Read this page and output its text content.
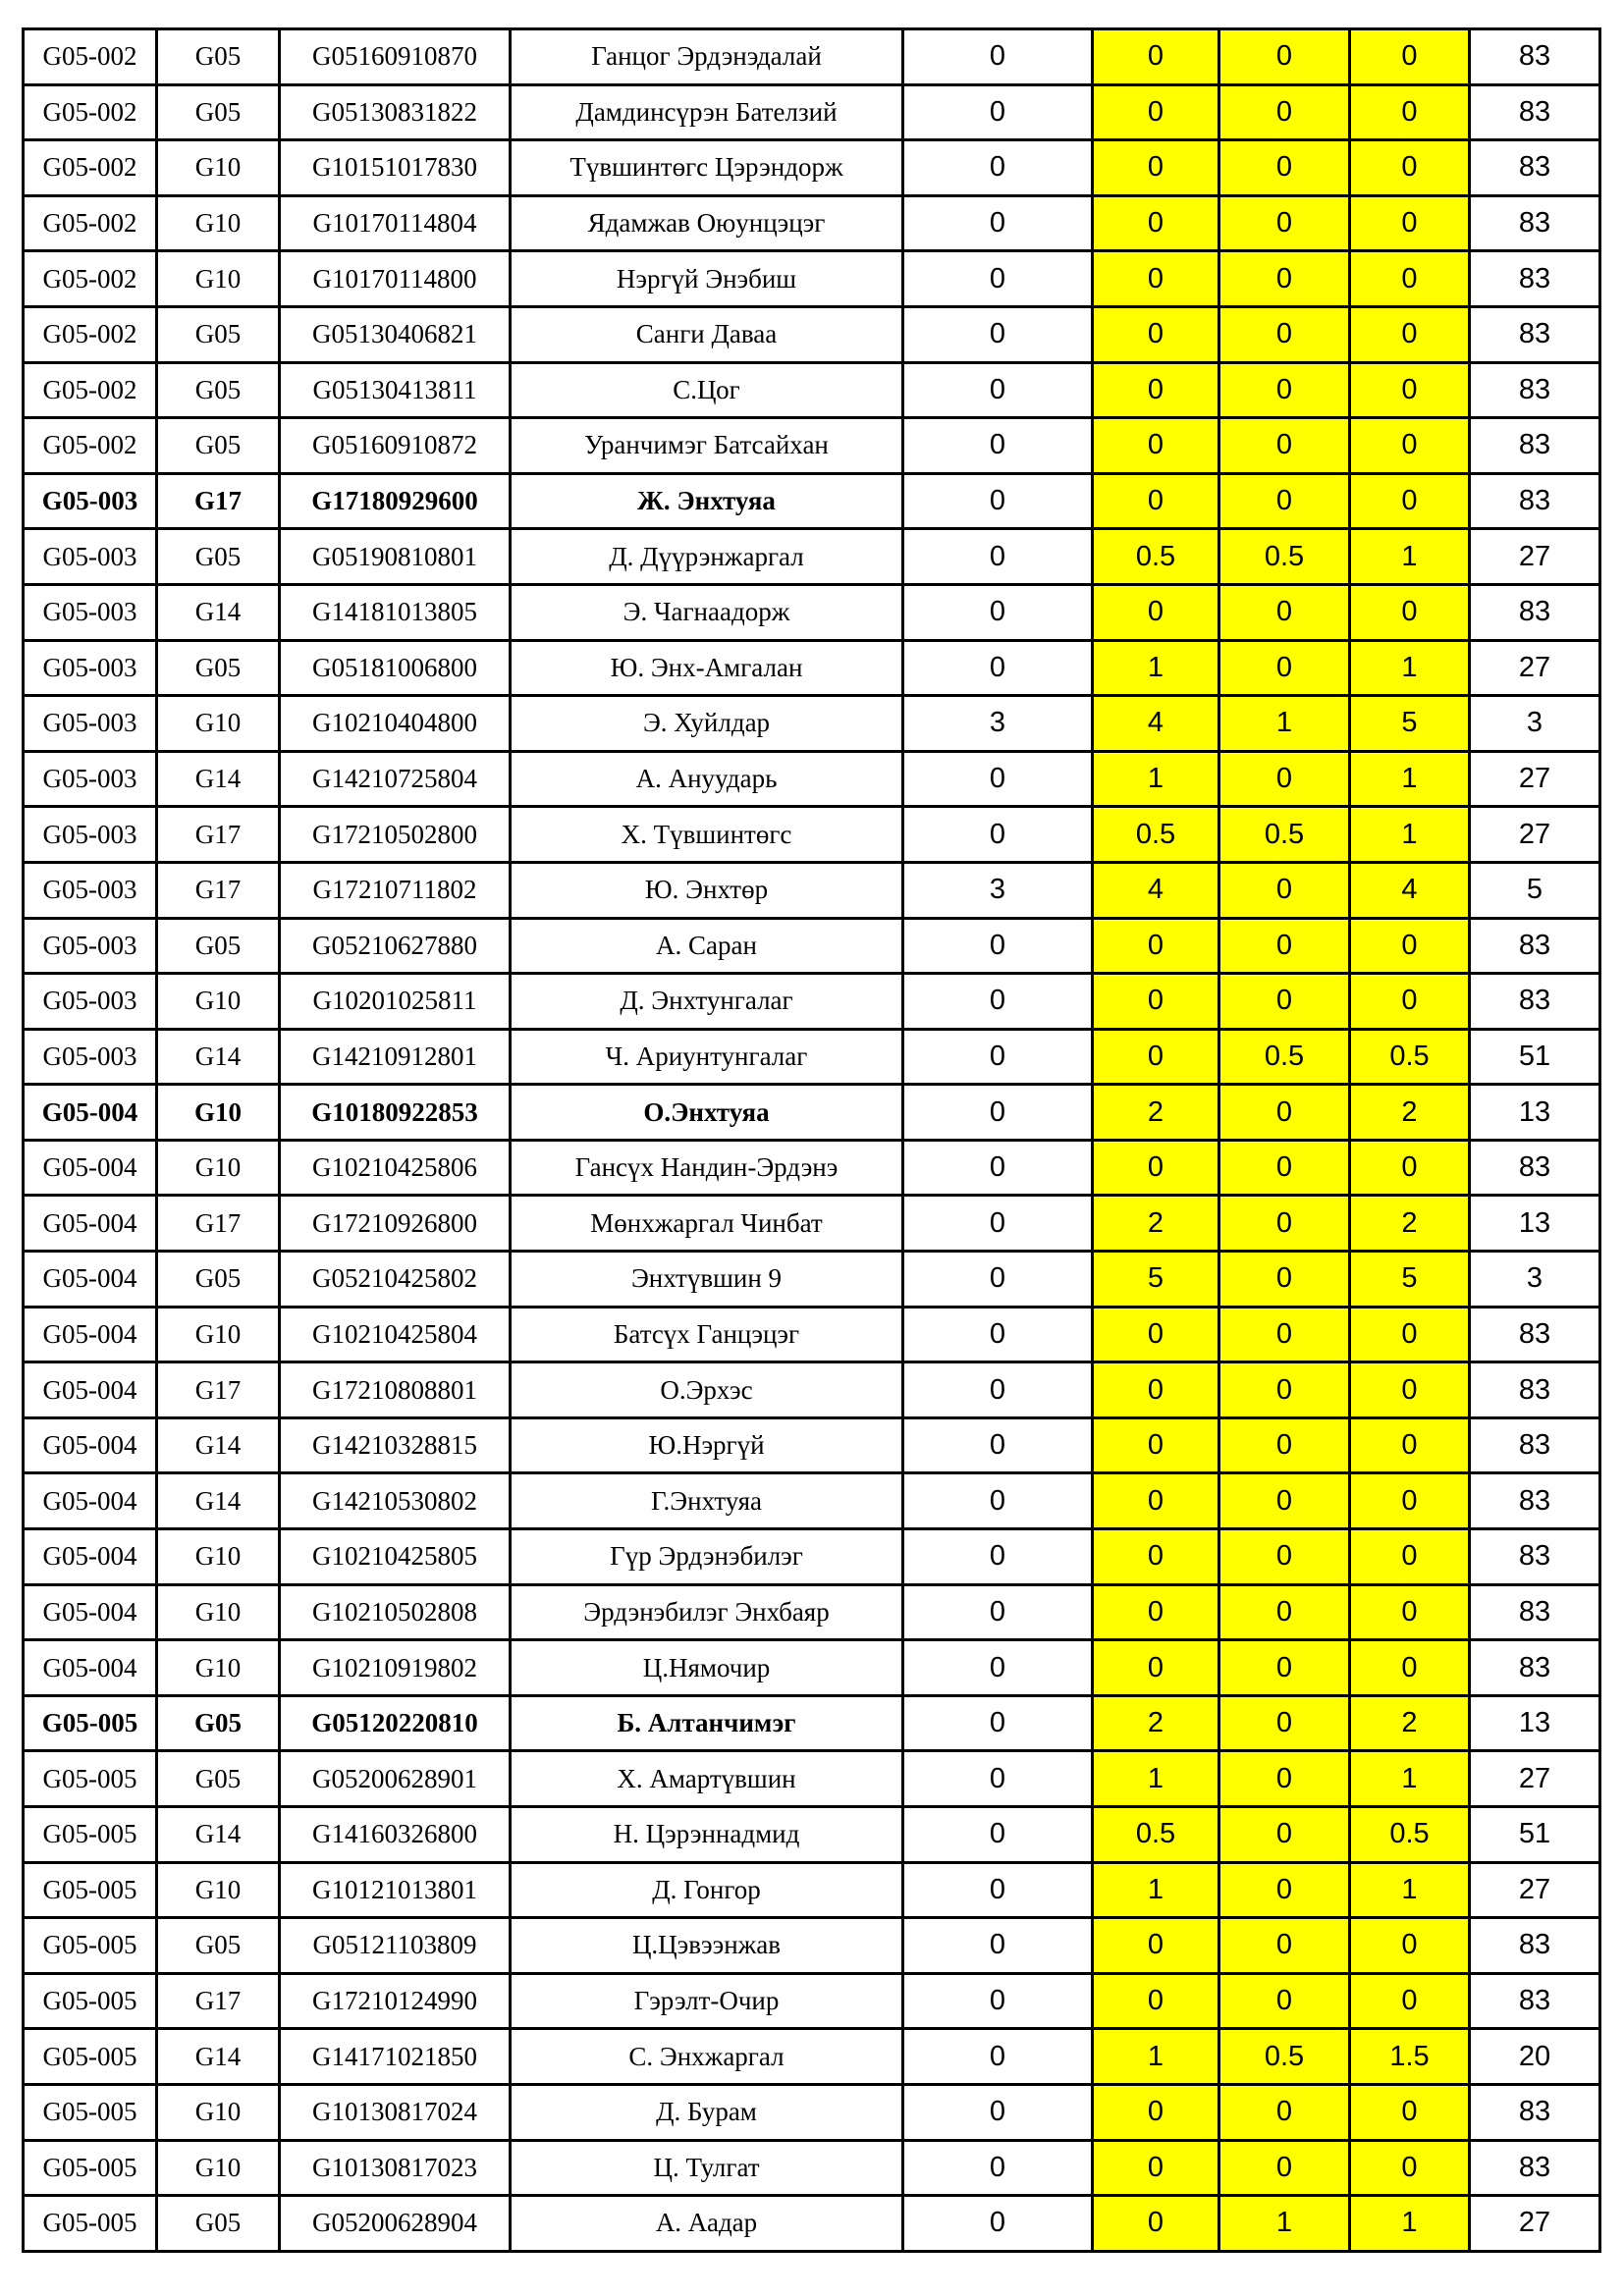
G05-002	G05	G05160910870	Ганцог Эрдэнэдалай	0	0	0	0	83
G05-002	G05	G05130831822	Дамдинсүрэн Бателзий	0	0	0	0	83
G05-002	G10	G10151017830	Түвшинтөгс Цэрэндорж	0	0	0	0	83
G05-002	G10	G10170114804	Ядамжав Оюунцэцэг	0	0	0	0	83
G05-002	G10	G10170114800	Нэргүй Энэбиш	0	0	0	0	83
G05-002	G05	G05130406821	Санги Даваа	0	0	0	0	83
G05-002	G05	G05130413811	С.Цог	0	0	0	0	83
G05-002	G05	G05160910872	Уранчимэг Батсайхан	0	0	0	0	83
G05-003	G17	G17180929600	Ж. Энхтуяа	0	0	0	0	83
G05-003	G05	G05190810801	Д. Дүүрэнжаргал	0	0.5	0.5	1	27
G05-003	G14	G14181013805	Э. Чагнаадорж	0	0	0	0	83
G05-003	G05	G05181006800	Ю. Энх-Амгалан	0	1	0	1	27
G05-003	G10	G10210404800	Э. Хуйлдар	3	4	1	5	3
G05-003	G14	G14210725804	А. Ануударь	0	1	0	1	27
G05-003	G17	G17210502800	Х. Түвшинтөгс	0	0.5	0.5	1	27
G05-003	G17	G17210711802	Ю. Энхтөр	3	4	0	4	5
G05-003	G05	G05210627880	А. Саран	0	0	0	0	83
G05-003	G10	G10201025811	Д. Энхтунгалаг	0	0	0	0	83
G05-003	G14	G14210912801	Ч. Ариунтунгалаг	0	0	0.5	0.5	51
G05-004	G10	G10180922853	О.Энхтуяа	0	2	0	2	13
G05-004	G10	G10210425806	Гансүх Нандин-Эрдэнэ	0	0	0	0	83
G05-004	G17	G17210926800	Мөнхжаргал Чинбат	0	2	0	2	13
G05-004	G05	G05210425802	Энхтүвшин 9	0	5	0	5	3
G05-004	G10	G10210425804	Батсүх Ганцэцэг	0	0	0	0	83
G05-004	G17	G17210808801	О.Эрхэс	0	0	0	0	83
G05-004	G14	G14210328815	Ю.Нэргүй	0	0	0	0	83
G05-004	G14	G14210530802	Г.Энхтуяа	0	0	0	0	83
G05-004	G10	G10210425805	Гүр Эрдэнэбилэг	0	0	0	0	83
G05-004	G10	G10210502808	Эрдэнэбилэг Энхбаяр	0	0	0	0	83
G05-004	G10	G10210919802	Ц.Нямочир	0	0	0	0	83
G05-005	G05	G05120220810	Б. Алтанчимэг	0	2	0	2	13
G05-005	G05	G05200628901	Х. Амартүвшин	0	1	0	1	27
G05-005	G14	G14160326800	Н. Цэрэннадмид	0	0.5	0	0.5	51
G05-005	G10	G10121013801	Д. Гонгор	0	1	0	1	27
G05-005	G05	G05121103809	Ц.Цэвээнжав	0	0	0	0	83
G05-005	G17	G17210124990	Гэрэлт-Очир	0	0	0	0	83
G05-005	G14	G14171021850	С. Энхжаргал	0	1	0.5	1.5	20
G05-005	G10	G10130817024	Д. Бурам	0	0	0	0	83
G05-005	G10	G10130817023	Ц. Тулгат	0	0	0	0	83
G05-005	G05	G05200628904	А. Аадар	0	0	1	1	27
